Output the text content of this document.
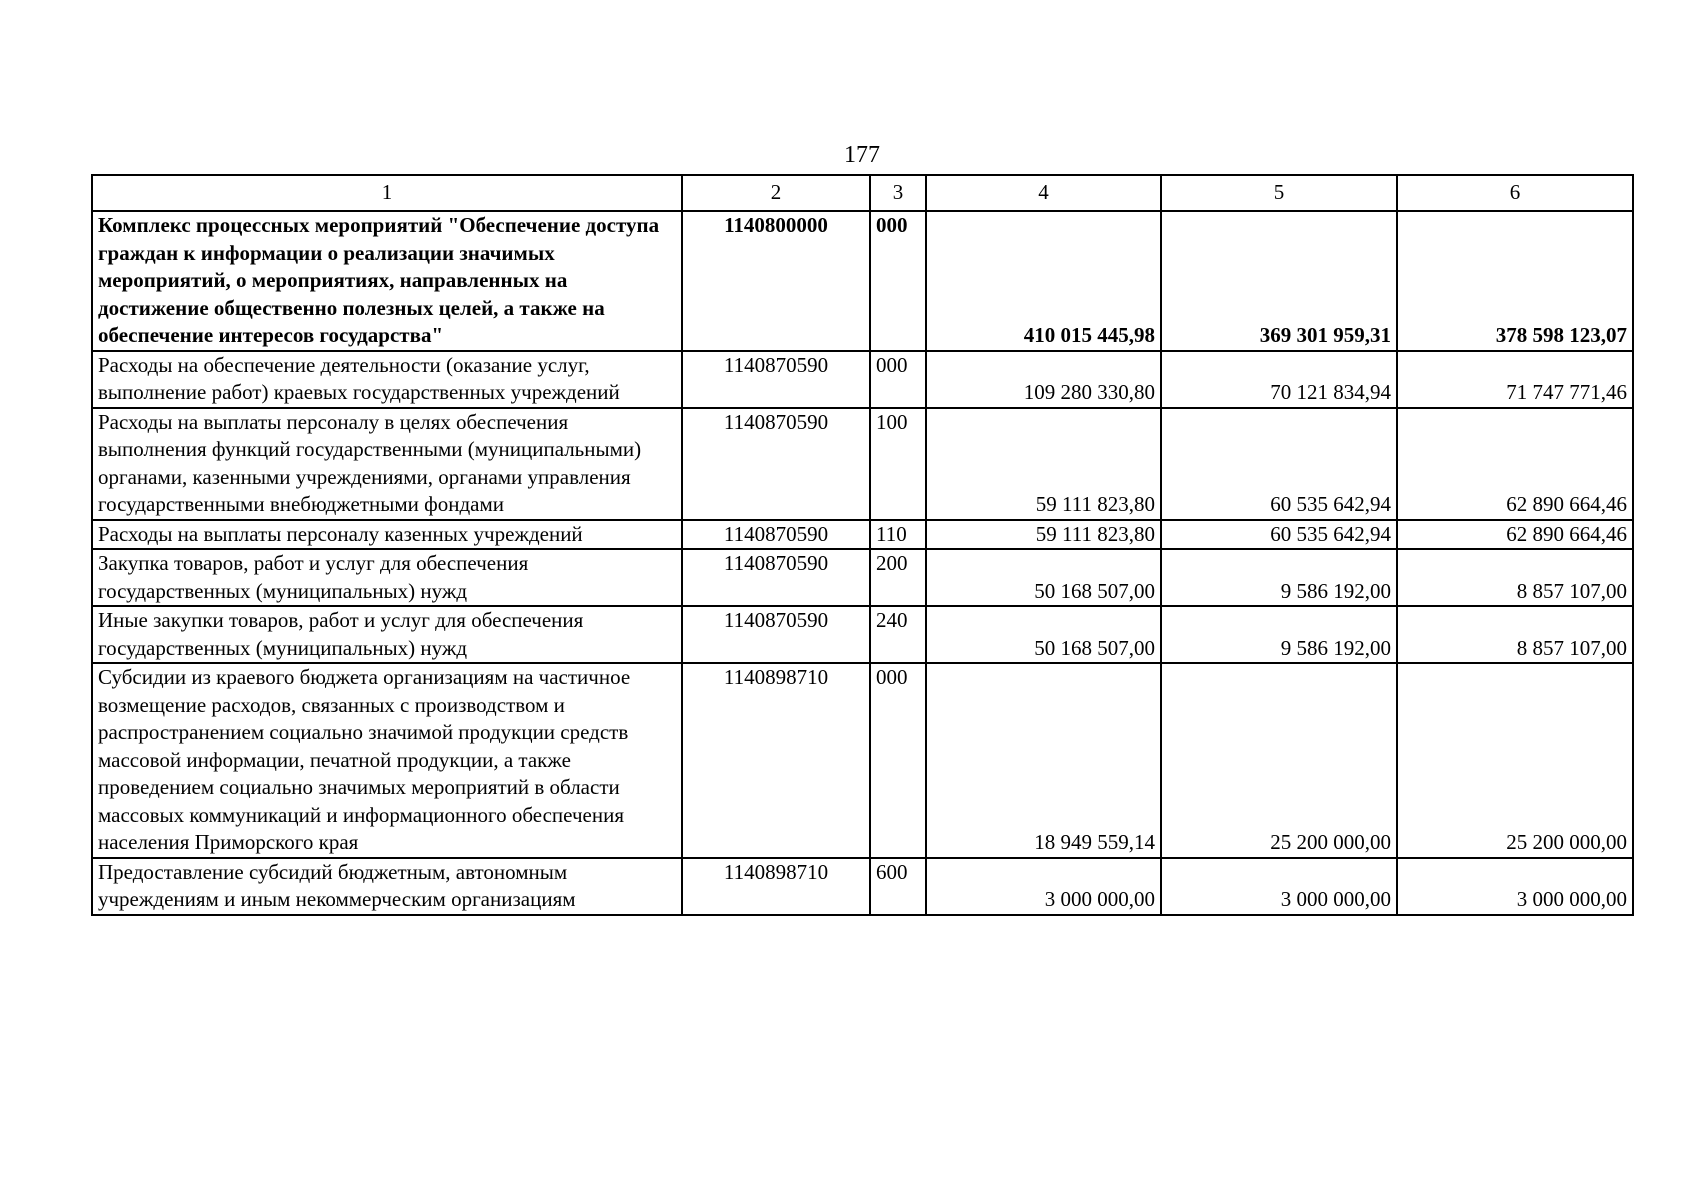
177
1	2	3	4	5	6
Комплекс процессных мероприятий "Обеспечение доступа граждан к информации о реализации значимых мероприятий, о мероприятиях, направленных на достижение общественно полезных целей, а также на обеспечение интересов государства"	1140800000	000	410 015 445,98	369 301 959,31	378 598 123,07
Расходы на обеспечение деятельности (оказание услуг, выполнение работ) краевых государственных учреждений	1140870590	000	109 280 330,80	70 121 834,94	71 747 771,46
Расходы на выплаты персоналу в целях обеспечения выполнения функций государственными (муниципальными) органами, казенными учреждениями, органами управления государственными внебюджетными фондами	1140870590	100	59 111 823,80	60 535 642,94	62 890 664,46
Расходы на выплаты персоналу казенных учреждений	1140870590	110	59 111 823,80	60 535 642,94	62 890 664,46
Закупка товаров, работ и услуг для обеспечения государственных (муниципальных) нужд	1140870590	200	50 168 507,00	9 586 192,00	8 857 107,00
Иные закупки товаров, работ и услуг для обеспечения государственных (муниципальных) нужд	1140870590	240	50 168 507,00	9 586 192,00	8 857 107,00
Субсидии из краевого бюджета организациям на частичное возмещение расходов, связанных с производством и распространением социально значимой продукции средств массовой информации, печатной продукции, а также проведением социально значимых мероприятий в области массовых коммуникаций и информационного обеспечения населения Приморского края	1140898710	000	18 949 559,14	25 200 000,00	25 200 000,00
Предоставление субсидий бюджетным, автономным учреждениям и иным некоммерческим организациям	1140898710	600	3 000 000,00	3 000 000,00	3 000 000,00
